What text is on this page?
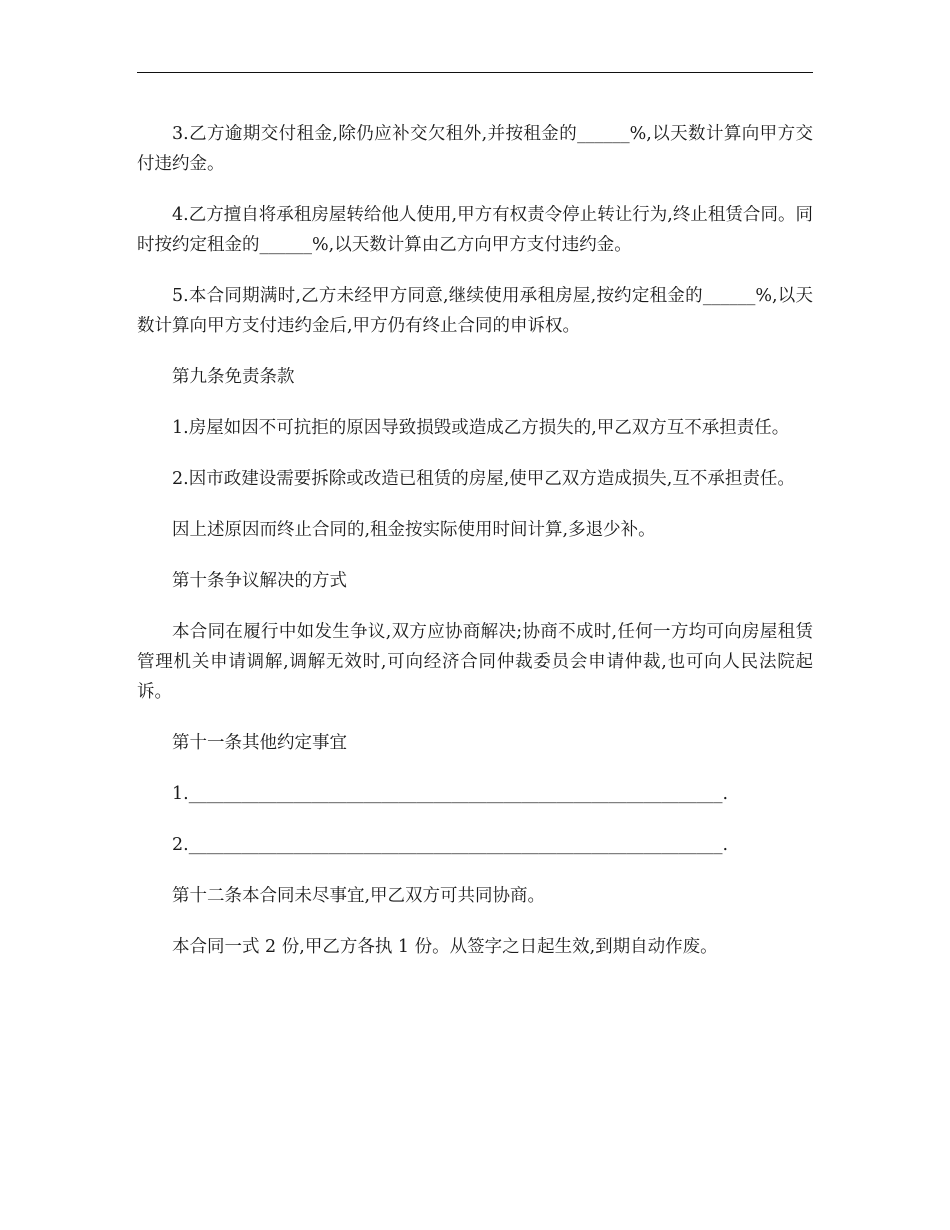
3.乙方逾期交付租金,除仍应补交欠租外,并按租金的______%,以天数计算向甲方交付违约金。

4.乙方擅自将承租房屋转给他人使用,甲方有权责令停止转让行为,终止租赁合同。同时按约定租金的______%,以天数计算由乙方向甲方支付违约金。

5.本合同期满时,乙方未经甲方同意,继续使用承租房屋,按约定租金的______%,以天数计算向甲方支付违约金后,甲方仍有终止合同的申诉权。

第九条免责条款

1.房屋如因不可抗拒的原因导致损毁或造成乙方损失的,甲乙双方互不承担责任。

2.因市政建设需要拆除或改造已租赁的房屋,使甲乙双方造成损失,互不承担责任。

因上述原因而终止合同的,租金按实际使用时间计算,多退少补。

第十条争议解决的方式

本合同在履行中如发生争议,双方应协商解决;协商不成时,任何一方均可向房屋租赁管理机关申请调解,调解无效时,可向经济合同仲裁委员会申请仲裁,也可向人民法院起诉。

第十一条其他约定事宜

1._____________________________________________________________.

2._____________________________________________________________.

第十二条本合同未尽事宜,甲乙双方可共同协商。

本合同一式 2 份,甲乙方各执 1 份。从签字之日起生效,到期自动作废。
